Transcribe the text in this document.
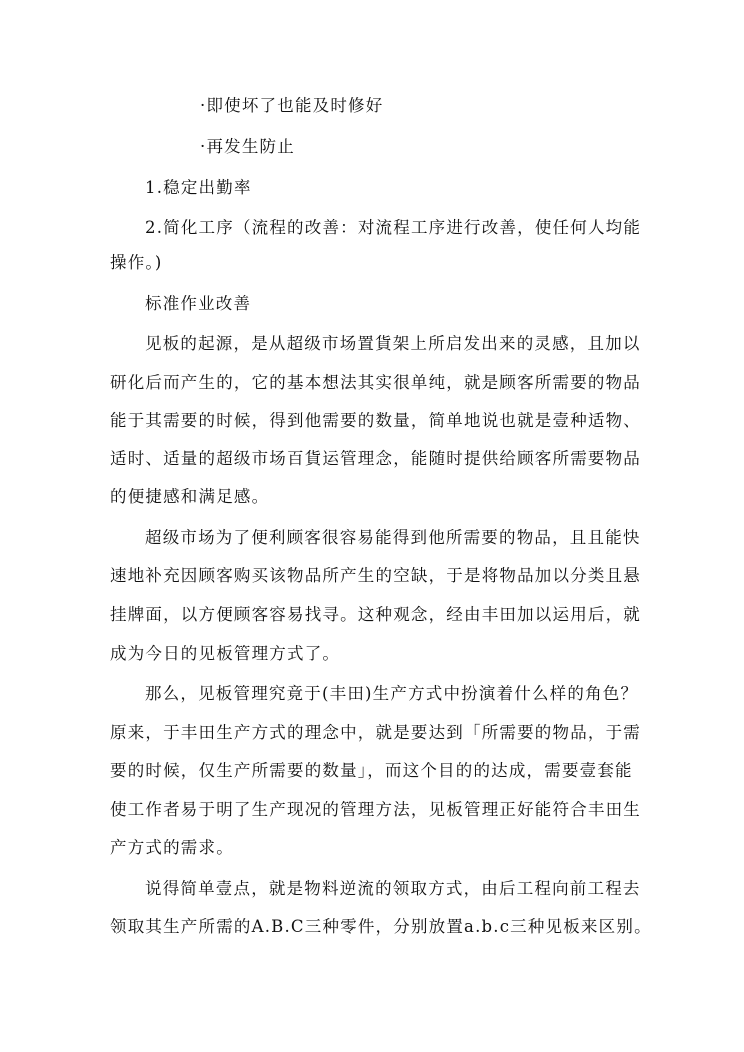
·即使坏了也能及时修好
·再发生防止
1.稳定出勤率
2.简化工序（流程的改善：对流程工序进行改善，使任何人均能
操作。)
标准作业改善
见板的起源，是从超级市场置貨架上所启发出来的灵感，且加以
研化后而产生的，它的基本想法其实很单纯，就是顾客所需要的物品
能于其需要的时候，得到他需要的数量，简单地说也就是壹种适物、
适时、适量的超级市场百貨运管理念，能随时提供给顾客所需要物品
的便捷感和满足感。
超级市场为了便利顾客很容易能得到他所需要的物品，且且能快
速地补充因顾客购买该物品所产生的空缺，于是将物品加以分类且悬
挂牌面，以方便顾客容易找寻。这种观念，经由丰田加以运用后，就
成为今日的见板管理方式了。
那么，见板管理究竟于(丰田)生产方式中扮演着什么样的角色？
原来，于丰田生产方式的理念中，就是要达到「所需要的物品，于需
要的时候，仅生产所需要的数量」，而这个目的的达成，需要壹套能
使工作者易于明了生产现况的管理方法，见板管理正好能符合丰田生
产方式的需求。
说得简单壹点，就是物料逆流的领取方式，由后工程向前工程去
领取其生产所需的A.B.C三种零件，分别放置a.b.c三种见板来区别。
